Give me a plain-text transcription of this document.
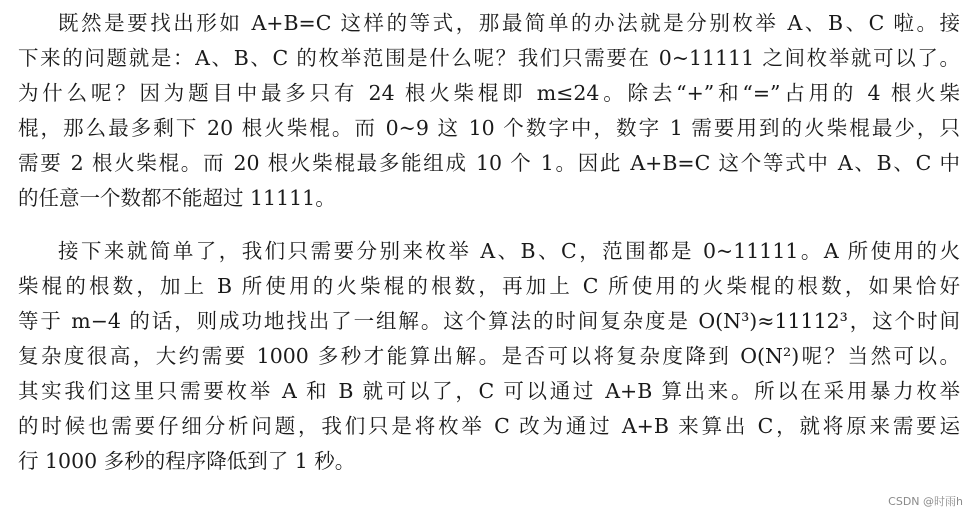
既然是要找出形如 A+B=C 这样的等式，那最简单的办法就是分别枚举 A、B、C 啦。接
下来的问题就是：A、B、C 的枚举范围是什么呢？我们只需要在 0~11111 之间枚举就可以了。
为什么呢？因为题目中最多只有 24 根火柴棍即 m≤24。除去“+”和“=”占用的 4 根火柴
棍，那么最多剩下 20 根火柴棍。而 0~9 这 10 个数字中，数字 1 需要用到的火柴棍最少，只
需要 2 根火柴棍。而 20 根火柴棍最多能组成 10 个 1。因此 A+B=C 这个等式中 A、B、C 中
的任意一个数都不能超过 11111。
接下来就简单了，我们只需要分别来枚举 A、B、C，范围都是 0~11111。A 所使用的火
柴棍的根数，加上 B 所使用的火柴棍的根数，再加上 C 所使用的火柴棍的根数，如果恰好
等于 m−4 的话，则成功地找出了一组解。这个算法的时间复杂度是 O(N³)≈11112³，这个时间
复杂度很高，大约需要 1000 多秒才能算出解。是否可以将复杂度降到 O(N²)呢？当然可以。
其实我们这里只需要枚举 A 和 B 就可以了，C 可以通过 A+B 算出来。所以在采用暴力枚举
的时候也需要仔细分析问题，我们只是将枚举 C 改为通过 A+B 来算出 C，就将原来需要运
行 1000 多秒的程序降低到了 1 秒。
CSDN @时雨h
